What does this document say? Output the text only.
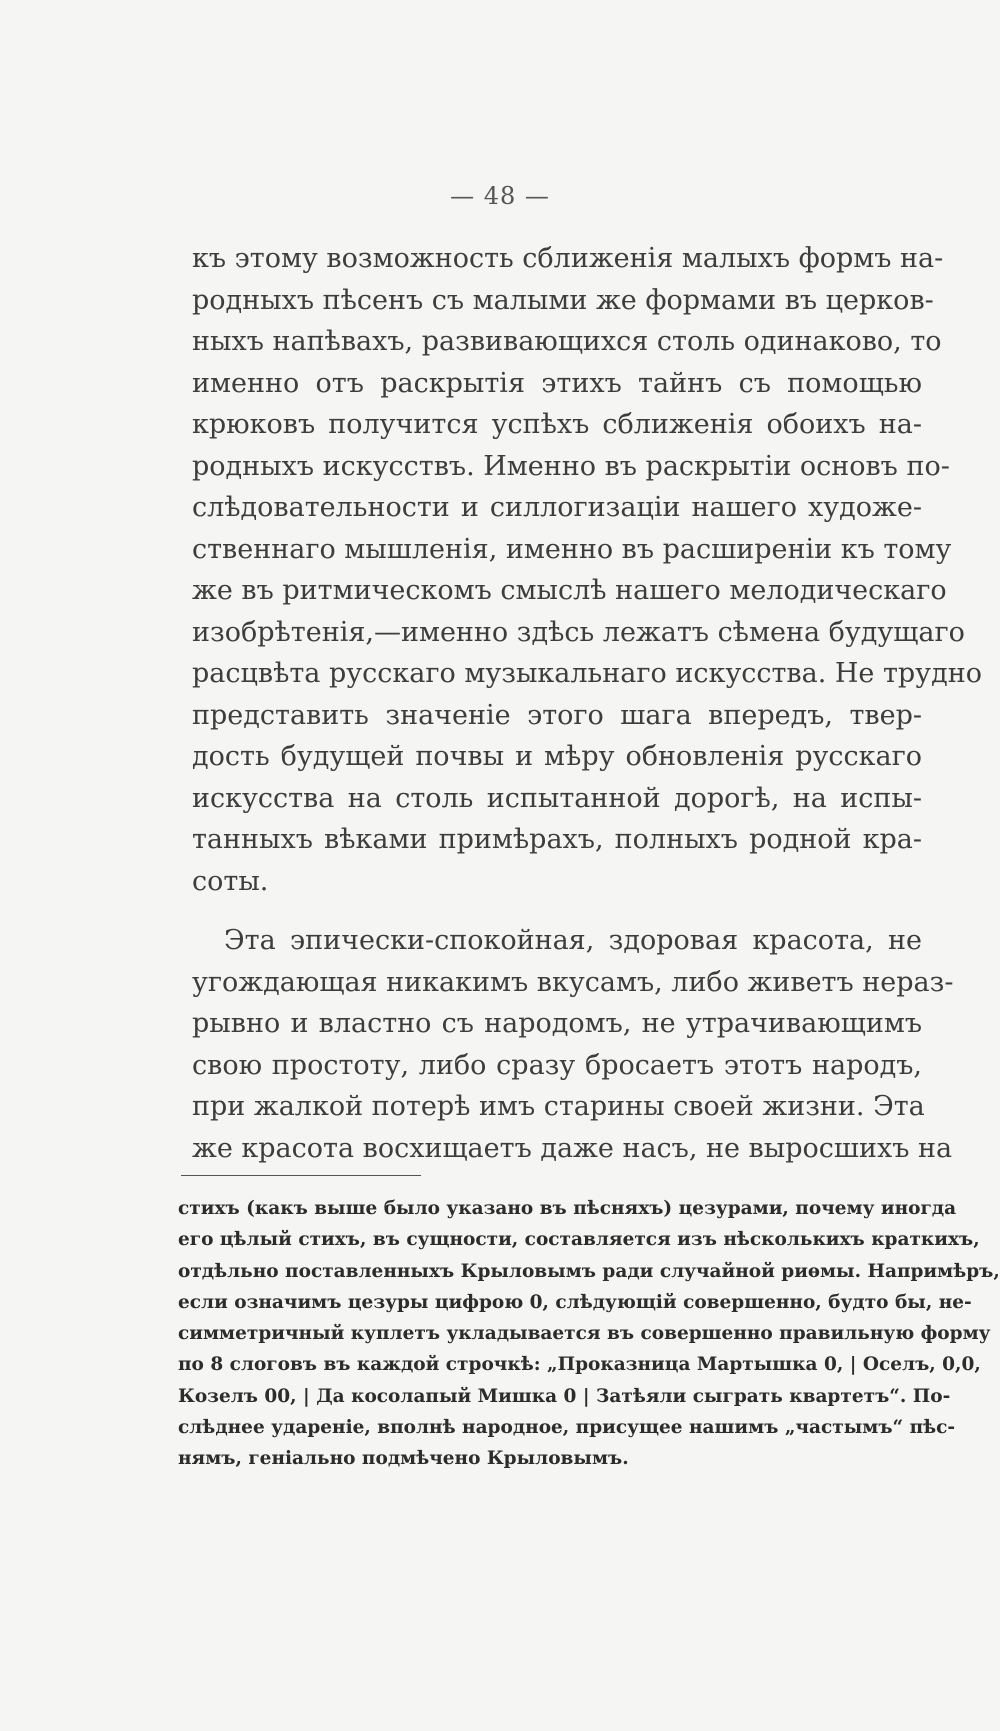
— 48 —
къ этому возможность сближенія малыхъ формъ на-
родныхъ пѣсенъ съ малыми же формами въ церков-
ныхъ напѣвахъ, развивающихся столь одинаково, то
именно отъ раскрытія этихъ тайнъ съ помощью
крюковъ получится успѣхъ сближенія обоихъ на-
родныхъ искусствъ. Именно въ раскрытіи основъ по-
слѣдовательности и силлогизаціи нашего художе-
ственнаго мышленія, именно въ расширеніи къ тому
же въ ритмическомъ смыслѣ нашего мелодическаго
изобрѣтенія,—именно здѣсь лежатъ сѣмена будущаго
расцвѣта русскаго музыкальнаго искусства. Не трудно
представить значеніе этого шага впередъ, твер-
дость будущей почвы и мѣру обновленія русскаго
искусства на столь испытанной дорогѣ, на испы-
танныхъ вѣками примѣрахъ, полныхъ родной кра-
соты.
Эта эпически-спокойная, здоровая красота, не
угождающая никакимъ вкусамъ, либо живетъ нераз-
рывно и властно съ народомъ, не утрачивающимъ
свою простоту, либо сразу бросаетъ этотъ народъ,
при жалкой потерѣ имъ старины своей жизни. Эта
же красота восхищаетъ даже насъ, не выросшихъ на
стихъ (какъ выше было указано въ пѣсняхъ) цезурами, почему иногда
его цѣлый стихъ, въ сущности, составляется изъ нѣсколькихъ краткихъ,
отдѣльно поставленныхъ Крыловымъ ради случайной риѳмы. Напримѣръ,
если означимъ цезуры цифрою 0, слѣдующій совершенно, будто бы, не-
симметричный куплетъ укладывается въ совершенно правильную форму
по 8 слоговъ въ каждой строчкѣ: „Проказница Мартышка 0, | Оселъ, 0,0,
Козелъ 00, | Да косолапый Мишка 0 | Затѣяли сыграть квартетъ“. По-
слѣднее удареніе, вполнѣ народное, присущее нашимъ „частымъ“ пѣс-
нямъ, геніально подмѣчено Крыловымъ.
